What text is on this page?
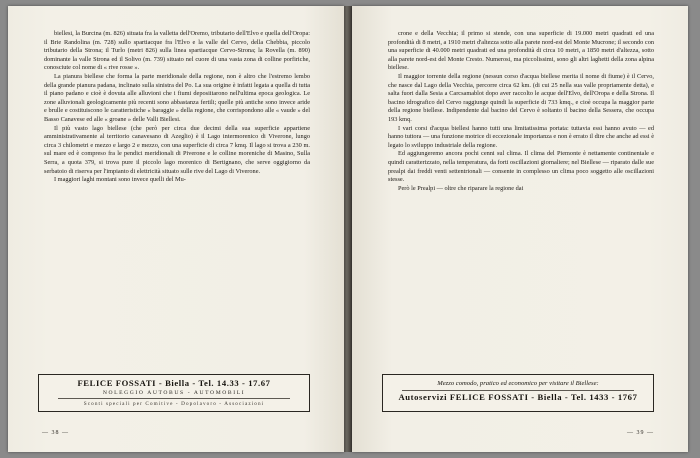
biellesi, la Burcina (m. 826) situata fra la valletta dell'Oremo, tributario dell'Elvo e quella dell'Oropa: il Brie Randolina (m. 728) sullo spartiacque fra l'Elvo e la valle del Cervo, della Chebbia, piccolo tributario della Strona; il Turlo (metri 826) sulla linea spartiacque Cervo-Strona; la Rovella (m. 890) dominante la valle Strona ed il Solivo (m. 739) situato nel cuore di una vasta zona di colline porfiriche, conosciute col nome di « rive rosse ».

La pianura biellese che forma la parte meridionale della regione, non è altro che l'estremo lembo della grande pianura padana, inclinato sulla sinistra del Po. La sua origine è infatti legata a quella di tutta il piano padano e cioè è dovuta alle alluvioni che i fiumi deposiitarono nell'ultima epoca geologica. Le zone alluvionali geologicamente più recenti sono abbastanza fertili; quelle più antiche sono invece aride e brulle e costituiscono le caratteristiche « baraggie » della regione, che corrispondono alle « vaude » del Basso Canavese ed alle « groane » delle Valli Biellesi.

Il più vasto lago biellese (che però per circa due decimi della sua superficie appartiene amministrativamente al territorio canavesano di Azeglio) è il Lago intermorenico di Viverone, lungo circa 3 chilometri e mezzo e largo 2 e mezzo, con una superficie di circa 7 kmq. Il lago si trova a 230 m. sul mare ed è compreso fra le pendici meridionali di Piverone e le colline moreniche di Masino, Sulla Serra, a quota 379, si trova pure il piccolo lago morenico di Bertignano, che serve oggigiorno da serbatoio di riserva per l'impianto di elettricità situato sulle rive del Lago di Viverone.

I maggiori laghi montani sono invece quelli del Mu-

FELICE FOSSATI - Biella - Tel. 14.33 - 17.67
NOLEGGIO AUTOBUS - AUTOMOBILI
Sconti speciali per Comitive - Dopolavoro - Associazioni
— 38 —

crone e della Vecchia; il primo si stende, con una superficie di 19.000 metri quadrati ed una profondità di 8 metri, a 1910 metri d'altezza sotto alla parete nord-est del Monte Mucrone; il secondo con una superficie di 40.000 metri quadrati ed una profondità di circa 10 metri, a 1850 metri d'altezza, sotto alla parete nord-est del Monte Cresto. Numerosi, ma piccolissimi, sono gli altri laghetti della zona alpina biellese.

Il maggior torrente della regione (nessun corso d'acqua biellese merita il nome di fiume) è il Cervo, che nasce dal Lago della Vecchia, percorre circa 62 km. (di cui 25 nella sua valle propriamente detta), e salta fuori dalla Sesia a Carcsamablot dopo aver raccolto le acque dell'Elvo, dell'Oropa e della Strona. Il bacino idrografico del Cervo raggiunge quindi la superficie di 733 kmq., e cioè occupa la maggior parte della regione biellese. Indipendente dal bacino del Cervo è soltanto il bacino della Sessera, che occupa 193 kmq.

I vari corsi d'acqua biellesi hanno tutti una limitatissima portata: tuttavia essi hanno avuto — ed hanno tuttora — una funzione motrice di eccezionale importanza e non è errato il dire che anche ad essi è legato lo sviluppo industriale della regione.

Ed aggiungeremo ancora pochi cenni sul clima. Il clima del Piemonte è nettamente continentale e quindi caratterizzato, nella temperatura, da forti oscillazioni giornaliere; nel Biellese — riparato dalle sue prealpi dai freddi venti settentrionali — consente in complesso un clima poco soggetto alle oscillazioni stesse.

Però le Prealpi — oltre che riparare la regione dai

Mezzo comodo, pratico ed economico per visitare il Biellese:
Autoservizi FELICE FOSSATI - Biella - Tel. 1433 - 1767
— 39 —
